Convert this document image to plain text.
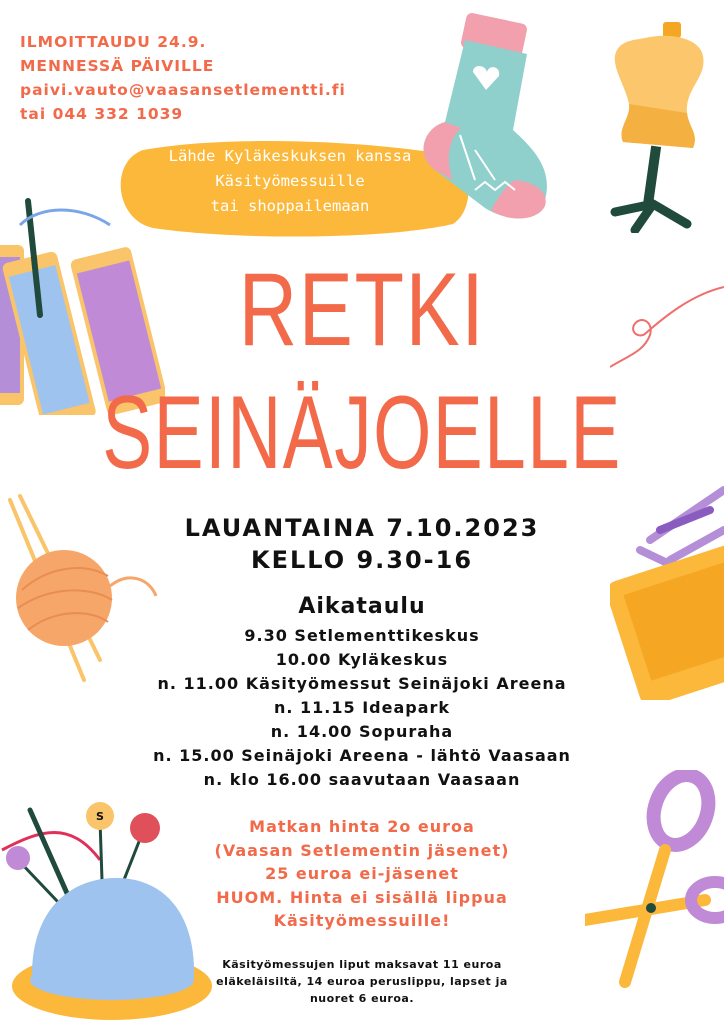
ILMOITTAUDU 24.9.
MENNESSÄ PÄIVILLE
paivi.vauto@vaasansetlementti.fi
tai 044 332 1039
Lähde Kyläkeskuksen kanssa
Käsityömessuille
tai shoppailemaan
RETKI
SEINÄJOELLE
LAUANTAINA 7.10.2023
KELLO 9.30-16
Aikataulu
9.30 Setlementtikeskus
10.00 Kyläkeskus
n. 11.00 Käsityömessut Seinäjoki Areena
n. 11.15 Ideapark
n. 14.00 Sopuraha
n. 15.00 Seinäjoki Areena - lähtö Vaasaan
n. klo 16.00 saavutaan Vaasaan
S
Matkan hinta 2o euroa
(Vaasan Setlementin jäsenet)
25 euroa ei-jäsenet
HUOM. Hinta ei sisällä lippua
Käsityömessuille!
Käsityömessujen liput maksavat 11 euroa
eläkeläisiltä, 14 euroa peruslippu, lapset ja
nuoret 6 euroa.
